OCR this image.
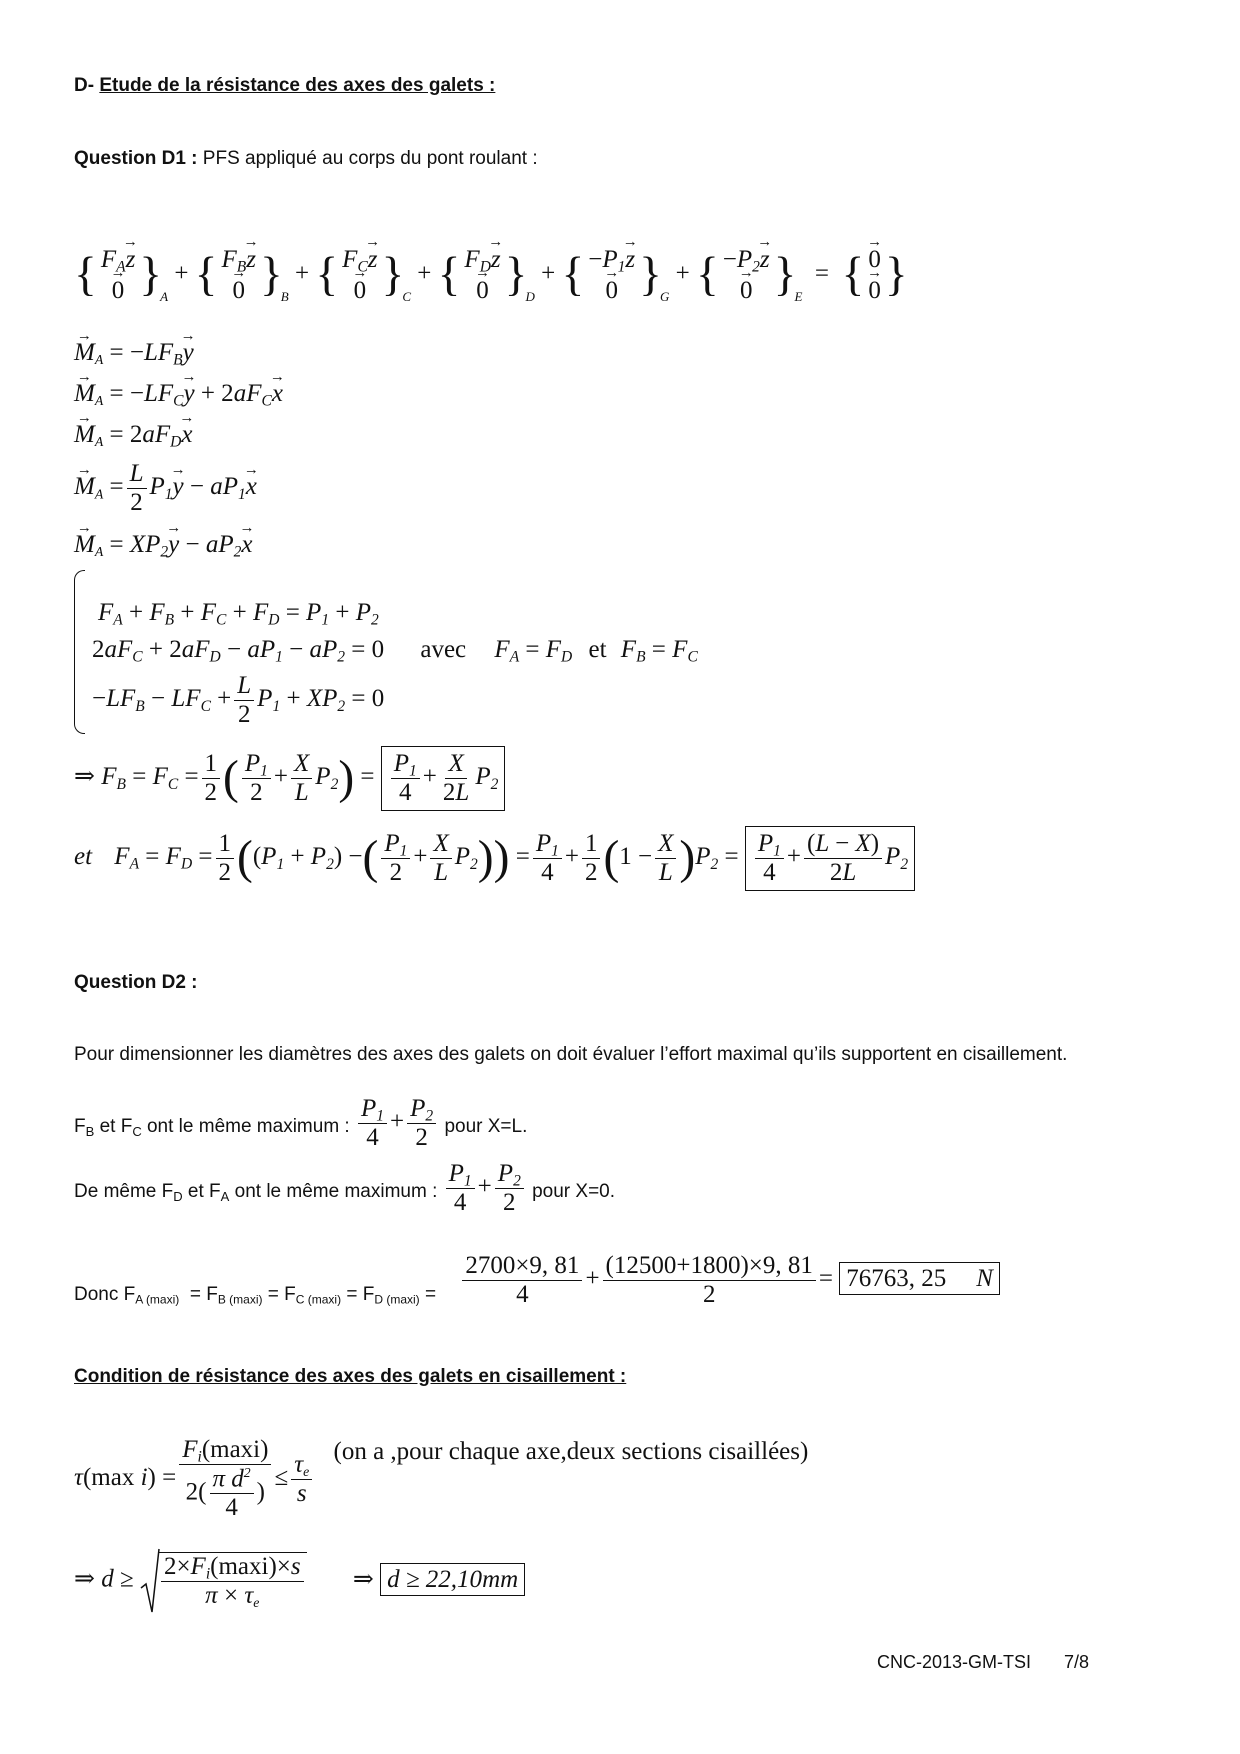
D- Etude de la résistance des axes des galets :
Question D1 : PFS appliqué au corps du pont roulant :
{ $F_A\to z$
→ 0 }$_A$ + { $F_B\to z$
→ 0 }$_B$ + { $F_C\to z$
→ 0 }$_C$ + { $F_D\to z$
→ 0 }$_D$ + { $-P_1\to z$
→ 0 }$_G$ + { $-P_2\to z$
→ 0 }$_E$  =  {
→ 0
→ 0 }
→ $M_A = -LF_B\to y$
→ $M_A = -LF_C\to y + 2aF_C\to x$
→ $M_A = 2aF_D\to x$
→ $M_A = \frac{L}{2} P_1\to y - aP_1\to x$
→ $M_A = XP_2\to y - aP_2\to x$
$F_A + F_B + F_C + F_D = P_1 + P_2$
$2aF_C + 2aF_D - aP_1 - aP_2 = 0$ avec $F_A = F_D$ et $F_B = F_C$
$-LF_B - LF_C + \frac{L}{2} P_1 + XP_2 = 0$
⇒ $F_B = F_C = \frac{1}{2}$ ( $\frac{P_1}{2} + \frac{X}{L} P_2) = \frac{P_1}{4} + \frac{X}{2L} P_2$
et $F_A = F_D = \frac{1}{2} ((P_1 + P_2)$ −( $\frac{P_1}{2} + \frac{X}{L} P_2)) = \frac{P_1}{4} + \frac{1}{2} (1 - \frac{X}{L} )P_2 = \frac{P_1}{4} + \frac{(L - X)}{2L} P_2$
Question D2 :
Pour dimensionner les diamètres des axes des galets on doit évaluer l’effort maximal qu’ils supportent en cisaillement.
$F_B$ et $F_C$ ont le même maximum : $\frac{P_1}{4} + \frac{P_2}{2}$ pour X=L.
De même $F_D$ et $F_A$ ont le même maximum : $\frac{P_1}{4} + \frac{P_2}{2}$ pour X=0.
Donc $F_{A (maxi)} = F_{B (maxi)} = F_{C (maxi)} = F_{D (maxi)} = \frac{2700\times 9, 81}{4} + \frac{(12500+1800)\times 9, 81}{2} = 76763$, 25 N
Condition de résistance des axes des galets en cisaillement :
τ(max $i) = \frac{F_i(\max i)}{2( \frac{\pi d^2}{4} )} \le \frac{\tau_e}{s} (on$ a ,pour chaque axe,deux sections cisaillées)
⇒ $d \ge \frac{2\times F_i(\max i)\times s}{\pi \times \tau_e}$ ⇒ d ≥ 22,10mm
CNC-2013-GM-TSI 7/8
